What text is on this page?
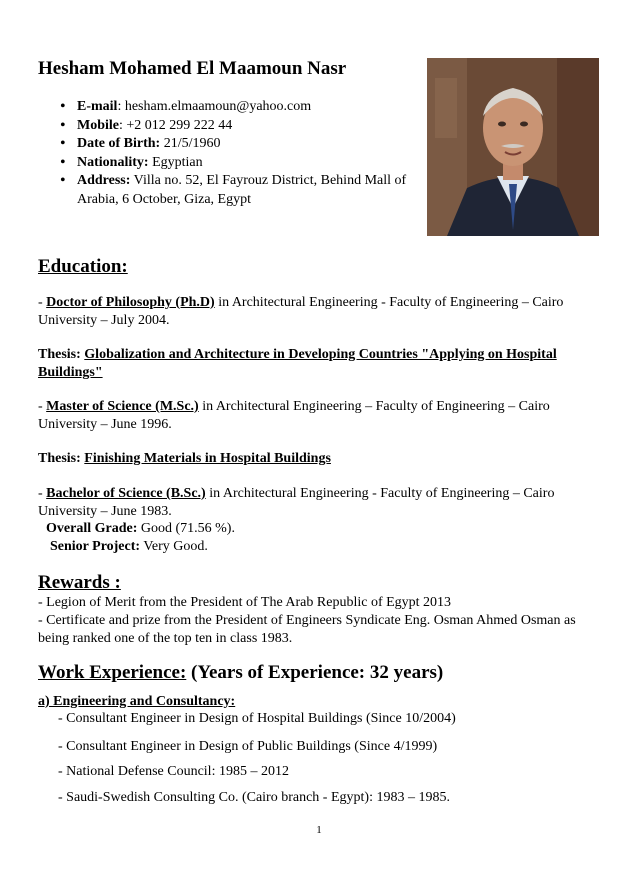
Hesham Mohamed El Maamoun Nasr
• E-mail: hesham.elmaamoun@yahoo.com
• Mobile: +2 012 299 222 44
• Date of Birth: 21/5/1960
• Nationality: Egyptian
• Address: Villa no. 52, El Fayrouz District, Behind Mall of Arabia, 6 October, Giza, Egypt
Education:
- Doctor of Philosophy (Ph.D) in Architectural Engineering - Faculty of Engineering – Cairo University – July 2004.
Thesis: Globalization and Architecture in Developing Countries "Applying on Hospital Buildings"
- Master of Science (M.Sc.) in Architectural Engineering – Faculty of Engineering – Cairo University – June 1996.
Thesis: Finishing Materials in Hospital Buildings
- Bachelor of Science (B.Sc.) in Architectural Engineering - Faculty of Engineering – Cairo University – June 1983.
Overall Grade: Good (71.56 %).
Senior Project: Very Good.
Rewards :
- Legion of Merit from the President of The Arab Republic of Egypt 2013
- Certificate and prize from the President of Engineers Syndicate Eng. Osman Ahmed Osman as being ranked one of the top ten in class 1983.
Work Experience: (Years of Experience: 32 years)
a) Engineering and Consultancy:
- Consultant Engineer in Design of Hospital Buildings (Since 10/2004)
- Consultant Engineer in Design of Public Buildings (Since 4/1999)
- National Defense Council: 1985 – 2012
- Saudi-Swedish Consulting Co. (Cairo branch - Egypt): 1983 – 1985.
1
